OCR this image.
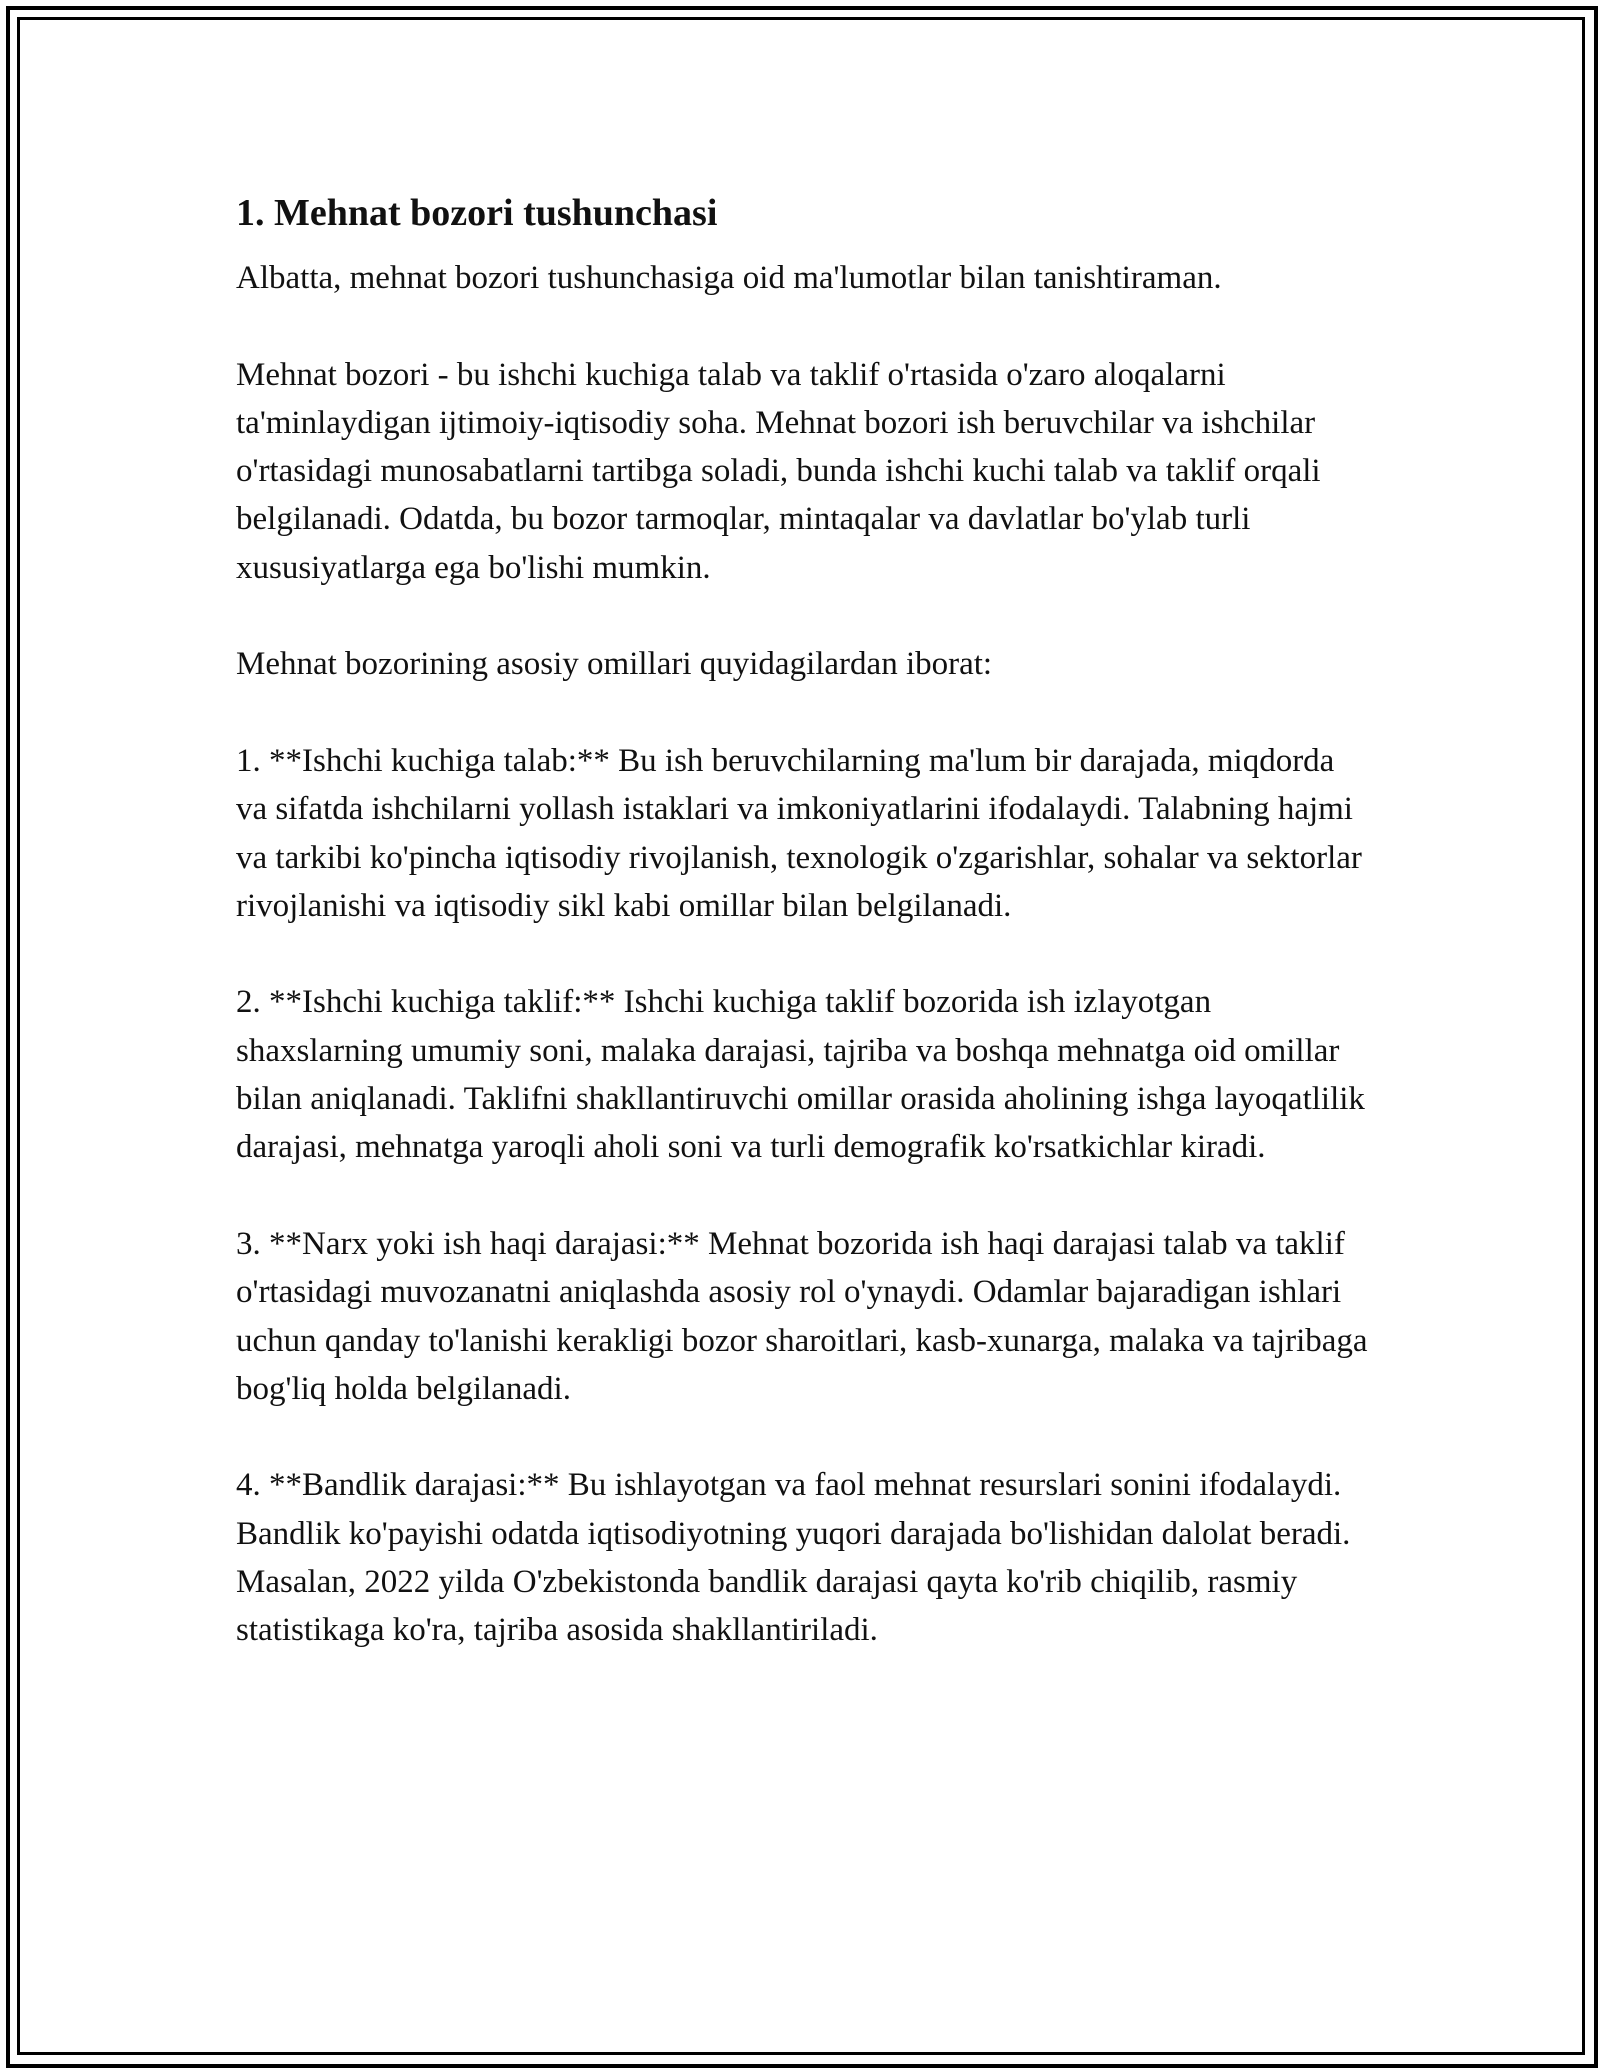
1. Mehnat bozori tushunchasi

Albatta, mehnat bozori tushunchasiga oid ma'lumotlar bilan tanishtiraman.

Mehnat bozori - bu ishchi kuchiga talab va taklif o'rtasida o'zaro aloqalarni ta'minlaydigan ijtimoiy-iqtisodiy soha. Mehnat bozori ish beruvchilar va ishchilar o'rtasidagi munosabatlarni tartibga soladi, bunda ishchi kuchi talab va taklif orqali belgilanadi. Odatda, bu bozor tarmoqlar, mintaqalar va davlatlar bo'ylab turli xususiyatlarga ega bo'lishi mumkin.

Mehnat bozorining asosiy omillari quyidagilardan iborat:

1. **Ishchi kuchiga talab:** Bu ish beruvchilarning ma'lum bir darajada, miqdorda va sifatda ishchilarni yollash istaklari va imkoniyatlarini ifodalaydi. Talabning hajmi va tarkibi ko'pincha iqtisodiy rivojlanish, texnologik o'zgarishlar, sohalar va sektorlar rivojlanishi va iqtisodiy sikl kabi omillar bilan belgilanadi.

2. **Ishchi kuchiga taklif:** Ishchi kuchiga taklif bozorida ish izlayotgan shaxslarning umumiy soni, malaka darajasi, tajriba va boshqa mehnatga oid omillar bilan aniqlanadi. Taklifni shakllantiruvchi omillar orasida aholining ishga layoqatlilik darajasi, mehnatga yaroqli aholi soni va turli demografik ko'rsatkichlar kiradi.

3. **Narx yoki ish haqi darajasi:** Mehnat bozorida ish haqi darajasi talab va taklif o'rtasidagi muvozanatni aniqlashda asosiy rol o'ynaydi. Odamlar bajaradigan ishlari uchun qanday to'lanishi kerakligi bozor sharoitlari, kasb-xunarga, malaka va tajribaga bog'liq holda belgilanadi.

4. **Bandlik darajasi:** Bu ishlayotgan va faol mehnat resurslari sonini ifodalaydi. Bandlik ko'payishi odatda iqtisodiyotning yuqori darajada bo'lishidan dalolat beradi. Masalan, 2022 yilda O'zbekistonda bandlik darajasi qayta ko'rib chiqilib, rasmiy statistikaga ko'ra, tajriba asosida shakllantiriladi.
